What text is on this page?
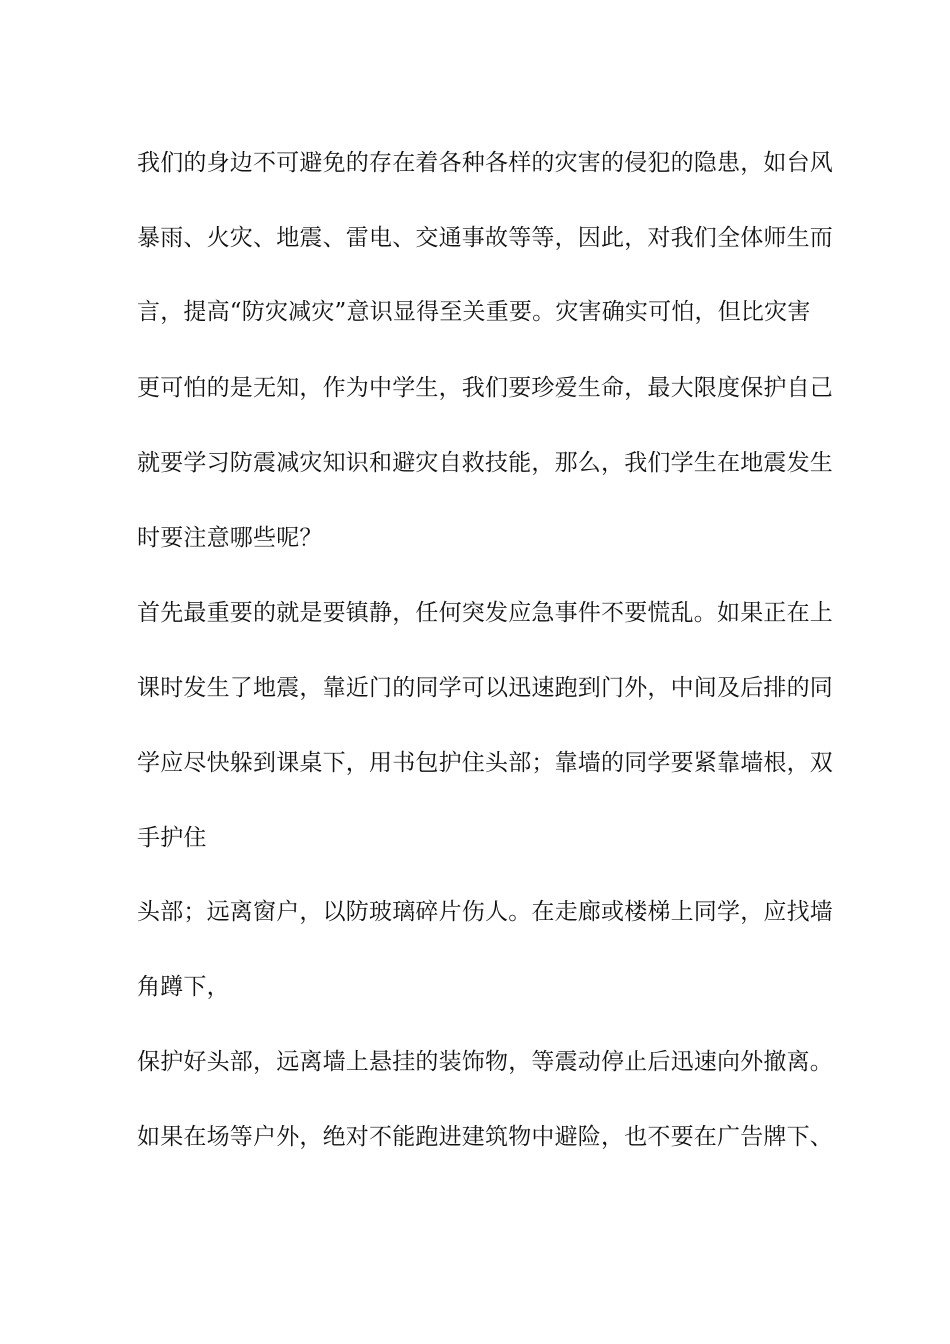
我们的身边不可避免的存在着各种各样的灾害的侵犯的隐患，如台风
暴雨、火灾、地震、雷电、交通事故等等，因此，对我们全体师生而
言，提高“防灾减灾”意识显得至关重要。灾害确实可怕，但比灾害
更可怕的是无知，作为中学生，我们要珍爱生命，最大限度保护自己
就要学习防震减灾知识和避灾自救技能，那么，我们学生在地震发生
时要注意哪些呢？
首先最重要的就是要镇静，任何突发应急事件不要慌乱。如果正在上
课时发生了地震，靠近门的同学可以迅速跑到门外，中间及后排的同
学应尽快躲到课桌下，用书包护住头部；靠墙的同学要紧靠墙根，双
手护住
头部；远离窗户，以防玻璃碎片伤人。在走廊或楼梯上同学，应找墙
角蹲下，
保护好头部，远离墙上悬挂的装饰物，等震动停止后迅速向外撤离。
如果在场等户外，绝对不能跑进建筑物中避险，也不要在广告牌下、
